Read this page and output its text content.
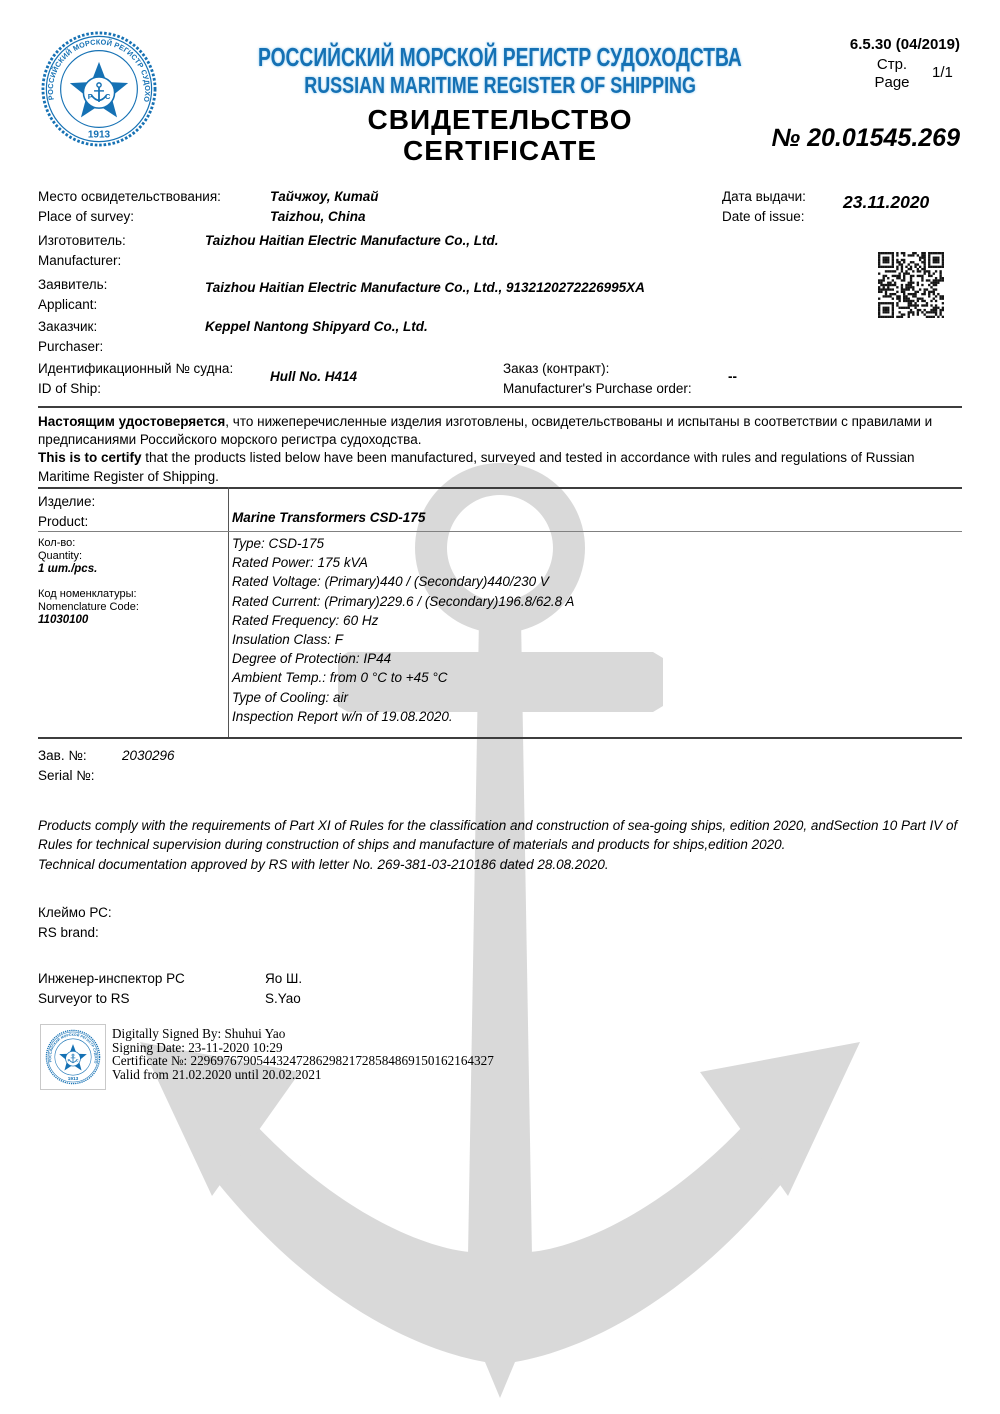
РОССИЙСКИЙ МОРСКОЙ РЕГИСТР СУДОХОДСТВА
RUSSIAN MARITIME REGISTER OF SHIPPING
СВИДЕТЕЛЬСТВО
CERTIFICATE
6.5.30 (04/2019)
Стр.
Page
1/1
№ 20.01545.269
Место освидетельствования:
Place of survey:
Тайчжоу, Китай
Taizhou, China
Дата выдачи:
Date of issue:
23.11.2020
Изготовитель:
Manufacturer:
Taizhou Haitian Electric Manufacture Co., Ltd.
Заявитель:
Applicant:
Taizhou Haitian Electric Manufacture Co., Ltd., 9132120272226995XA
Заказчик:
Purchaser:
Keppel Nantong Shipyard Co., Ltd.
Идентификационный № судна:
ID of Ship:
Hull No. H414
Заказ (контракт):
Manufacturer's Purchase order:
--

Настоящим удостоверяется, что нижеперечисленные изделия изготовлены, освидетельствованы и испытаны в соответствии с правилами и предписаниями Российского морского регистра судоходства.

This is to certify that the products listed below have been manufactured, surveyed and tested in accordance with rules and regulations of Russian Maritime Register of Shipping.

Изделие:
Product:	Marine Transformers CSD-175
Кол-во:
Quantity:
1 шт./pcs.
Код номенклатуры:
Nomenclature Code:
11030100
Type: CSD-175
Rated Power: 175 kVA
Rated Voltage: (Primary)440 / (Secondary)440/230 V
Rated Current: (Primary)229.6 / (Secondary)196.8/62.8 A
Rated Frequency: 60 Hz
Insulation Class: F
Degree of Protection: IP44
Ambient Temp.: from 0 °C to +45 °C
Type of Cooling: air
Inspection Report w/n of 19.08.2020.
Зав. №:
Serial №:
2030296

Products comply with the requirements of Part XI of Rules for the classification and construction of sea-going ships, edition 2020, andSection 10 Part IV of Rules for technical supervision during construction of ships and manufacture of materials and products for ships,edition 2020.

Technical documentation approved by RS with letter No. 269-381-03-210186 dated 28.08.2020.

Клеймо РС:
RS brand:
Инженер-инспектор РС
Surveyor to RS
Яо Ш.
S.Yao
Digitally Signed By: Shuhui Yao
Signing Date: 23-11-2020 10:29
Certificate №: 2296976790544324728629821728584869150162164327
Valid from 21.02.2020 until 20.02.2021
